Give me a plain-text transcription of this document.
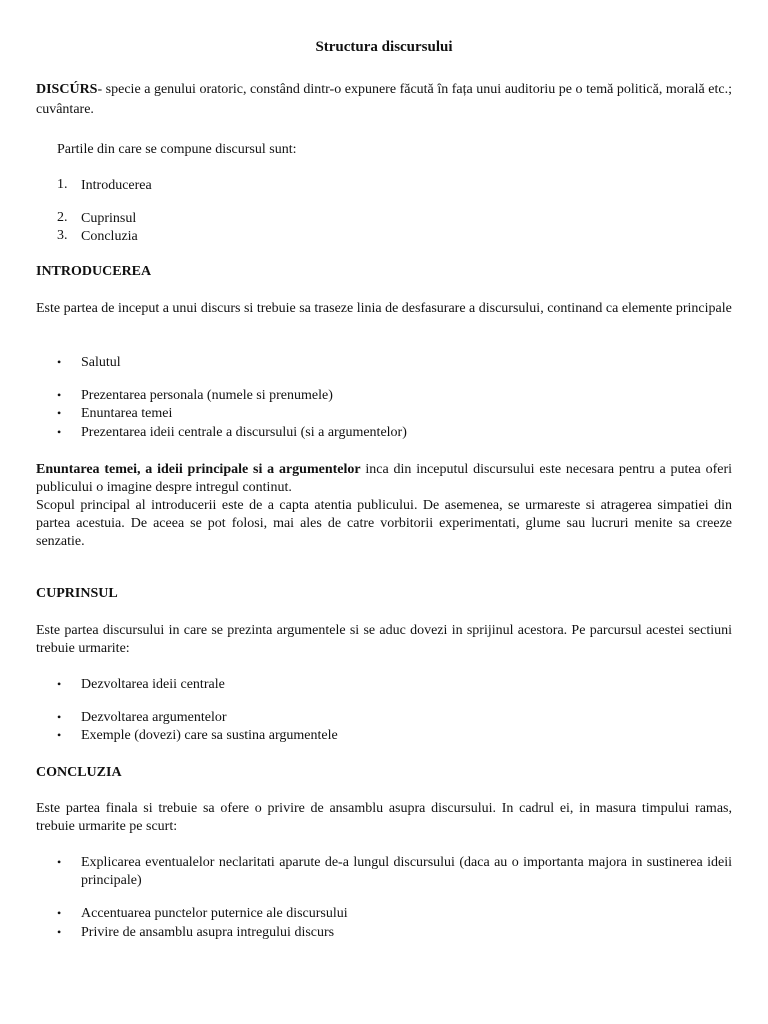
Structura discursului

DISCÚRS- specie a genului oratoric, constând dintr-o expunere făcută în fața unui auditoriu pe o temă politică, morală etc.; cuvântare.

Partile din care se compune discursul sunt:

1. Introducerea

2. Cuprinsul

3. Concluzia

INTRODUCEREA

Este partea de inceput a unui discurs si trebuie sa traseze linia de desfasurare a discursului, continand ca elemente principale

• Salutul

• Prezentarea personala (numele si prenumele)

• Enuntarea temei

• Prezentarea ideii centrale a discursului (si a argumentelor)

Enuntarea temei, a ideii principale si a argumentelor inca din inceputul discursului este necesara pentru a putea oferi publicului o imagine despre intregul continut.

Scopul principal al introducerii este de a capta atentia publicului. De asemenea, se urmareste si atragerea simpatiei din partea acestuia. De aceea se pot folosi, mai ales de catre vorbitorii experimentati, glume sau lucruri menite sa creeze senzatie.

CUPRINSUL

Este partea discursului in care se prezinta argumentele si se aduc dovezi in sprijinul acestora. Pe parcursul acestei sectiuni trebuie urmarite:

• Dezvoltarea ideii centrale

• Dezvoltarea argumentelor

• Exemple (dovezi) care sa sustina argumentele

CONCLUZIA

Este partea finala si trebuie sa ofere o privire de ansamblu asupra discursului. In cadrul ei, in masura timpului ramas, trebuie urmarite pe scurt:

• Explicarea eventualelor neclaritati aparute de-a lungul discursului (daca au o importanta majora in sustinerea ideii principale)

• Accentuarea punctelor puternice ale discursului

• Privire de ansamblu asupra intregului discurs
